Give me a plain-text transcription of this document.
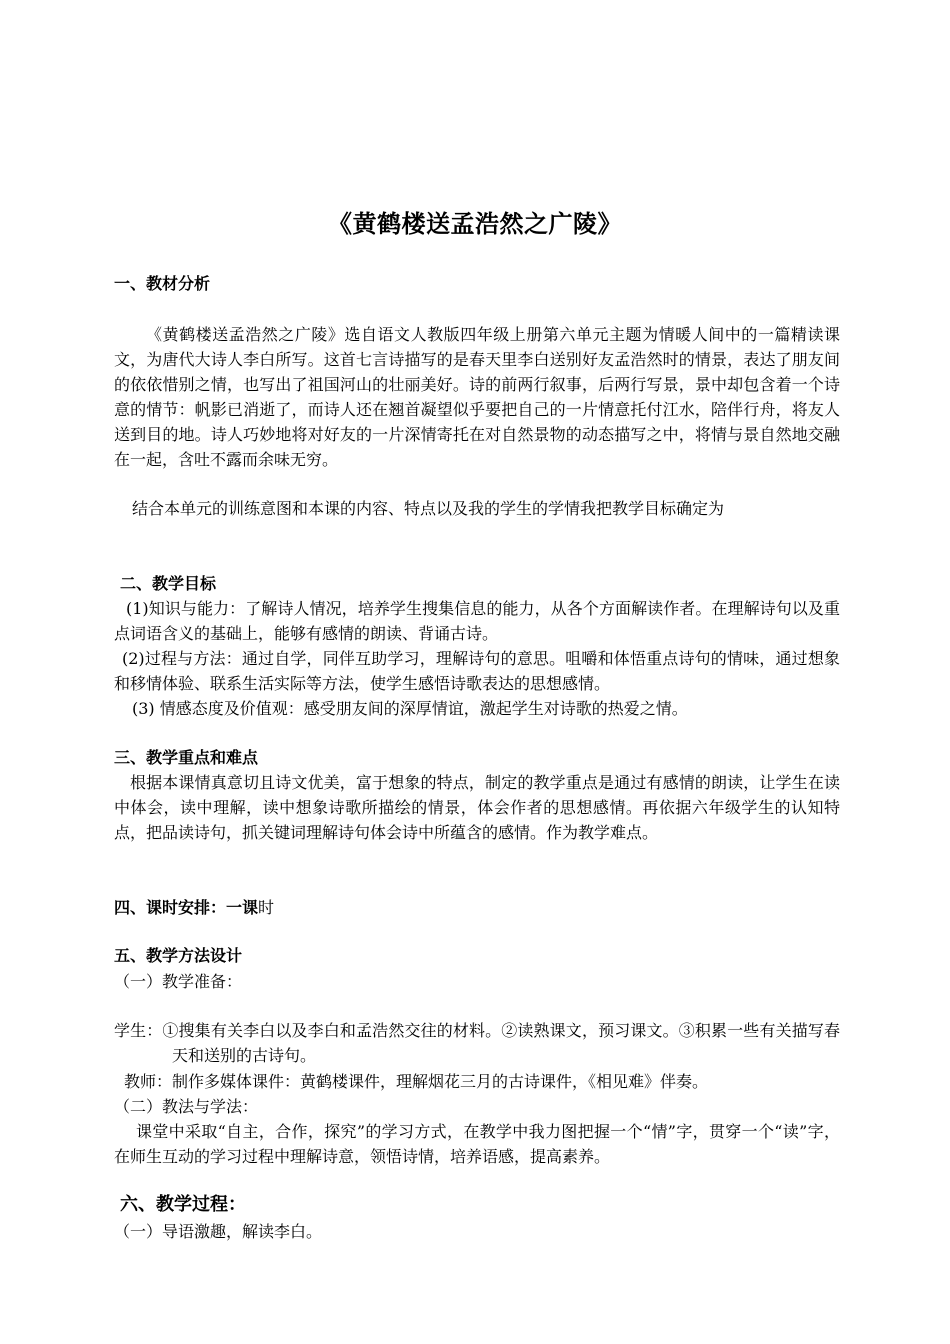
《黄鹤楼送孟浩然之广陵》
一、教材分析
《黄鹤楼送孟浩然之广陵》选自语文人教版四年级上册第六单元主题为情暖人间中的一篇精读课文，为唐代大诗人李白所写。这首七言诗描写的是春天里李白送别好友孟浩然时的情景，表达了朋友间的依依惜别之情，也写出了祖国河山的壮丽美好。诗的前两行叙事，后两行写景，景中却包含着一个诗意的情节：帆影已消逝了，而诗人还在翘首凝望似乎要把自己的一片情意托付江水，陪伴行舟，将友人送到目的地。诗人巧妙地将对好友的一片深情寄托在对自然景物的动态描写之中，将情与景自然地交融在一起，含吐不露而余味无穷。
结合本单元的训练意图和本课的内容、特点以及我的学生的学情我把教学目标确定为
二、教学目标
(1)知识与能力：了解诗人情况，培养学生搜集信息的能力，从各个方面解读作者。在理解诗句以及重点词语含义的基础上，能够有感情的朗读、背诵古诗。
(2)过程与方法：通过自学，同伴互助学习，理解诗句的意思。咀嚼和体悟重点诗句的情味，通过想象和移情体验、联系生活实际等方法，使学生感悟诗歌表达的思想感情。
(3) 情感态度及价值观：感受朋友间的深厚情谊，激起学生对诗歌的热爱之情。
三、教学重点和难点
根据本课情真意切且诗文优美，富于想象的特点，制定的教学重点是通过有感情的朗读，让学生在读中体会，读中理解，读中想象诗歌所描绘的情景，体会作者的思想感情。再依据六年级学生的认知特点，把品读诗句，抓关键词理解诗句体会诗中所蕴含的感情。作为教学难点。
四、课时安排：一课时
五、教学方法设计
（一）教学准备：
学生：①搜集有关李白以及李白和孟浩然交往的材料。②读熟课文，预习课文。③积累一些有关描写春天和送别的古诗句。
教师：制作多媒体课件：黄鹤楼课件，理解烟花三月的古诗课件，《相见难》伴奏。
（二）教法与学法：
课堂中采取“自主，合作，探究”的学习方式，在教学中我力图把握一个“情”字，贯穿一个“读”字，在师生互动的学习过程中理解诗意，领悟诗情，培养语感，提高素养。
六、教学过程：
（一）导语激趣，解读李白。
